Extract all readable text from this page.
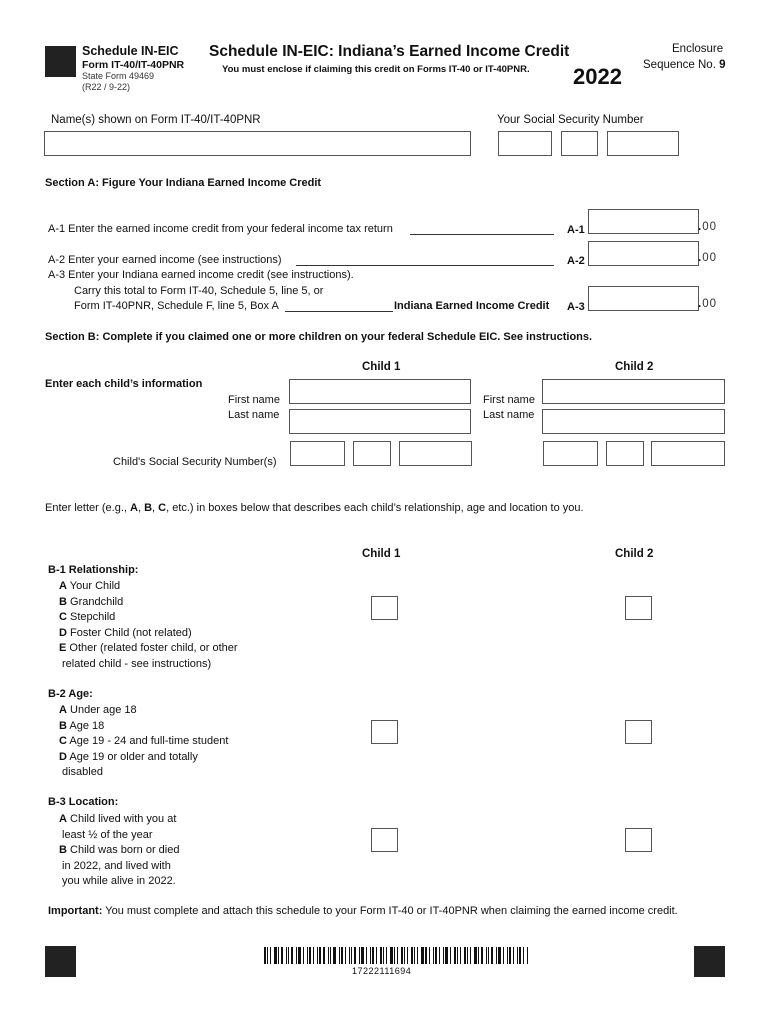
Schedule IN-EIC
Form IT-40/IT-40PNR
State Form 49469
(R22 / 9-22)
Schedule IN-EIC: Indiana’s Earned Income Credit
You must enclose if claiming this credit on Forms IT-40 or IT-40PNR. 2022
Enclosure
Sequence No. 9
Name(s) shown on Form IT-40/IT-40PNR	Your Social Security Number
Section A: Figure Your Indiana Earned Income Credit
A-1 Enter the earned income credit from your federal income tax return	A-1	.00
A-2 Enter your earned income (see instructions)	A-2	.00
A-3 Enter your Indiana earned income credit (see instructions).
Carry this total to Form IT-40, Schedule 5, line 5, or
Form IT-40PNR, Schedule F, line 5, Box A	Indiana Earned Income Credit A-3	.00
Section B: Complete if you claimed one or more children on your federal Schedule EIC. See instructions.
Child 1	Child 2
Enter each child’s information
First name
Last name
First name
Last name
Child's Social Security Number(s)
Enter letter (e.g., A, B, C, etc.) in boxes below that describes each child’s relationship, age and location to you.
Child 1	Child 2
B-1 Relationship:
A Your Child
B Grandchild
C Stepchild
D Foster Child (not related)
E Other (related foster child, or other
related child - see instructions)
B-2 Age:
A Under age 18
B Age 18
C Age 19 - 24 and full-time student
D Age 19 or older and totally
disabled
B-3 Location:
A Child lived with you at
least ½ of the year
B Child was born or died
in 2022, and lived with
you while alive in 2022.
Important: You must complete and attach this schedule to your Form IT-40 or IT-40PNR when claiming the earned income credit.
17222111694
